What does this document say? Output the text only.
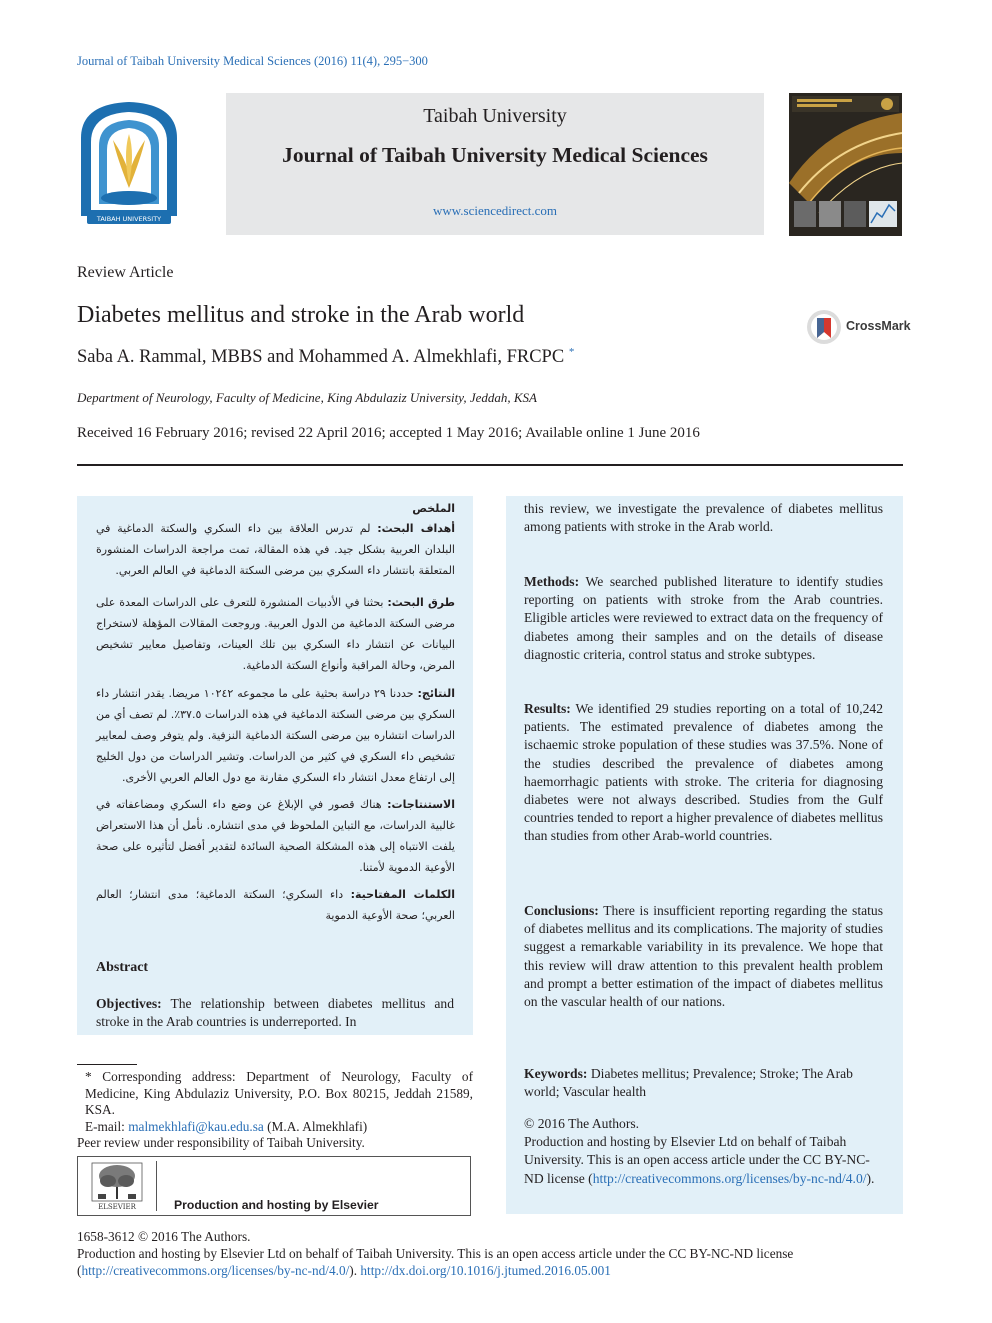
Journal of Taibah University Medical Sciences (2016) 11(4), 295−300
TAIBAH UNIVERSITY
Taibah University
Journal of Taibah University Medical Sciences
www.sciencedirect.com
Review Article
Diabetes mellitus and stroke in the Arab world	CrossMark
Saba A. Rammal, MBBS and Mohammed A. Almekhlafi, FRCPC *
Department of Neurology, Faculty of Medicine, King Abdulaziz University, Jeddah, KSA
Received 16 February 2016; revised 22 April 2016; accepted 1 May 2016; Available online 1 June 2016
الملخص
أهداف البحث: لم تدرس العلاقة بين داء السكري والسكتة الدماغية في البلدان العربية بشكل جيد. في هذه المقالة، تمت مراجعة الدراسات المنشورة المتعلقة بانتشار داء السكري بين مرضى السكتة الدماغية في العالم العربي.
طرق البحث: بحثنا في الأدبيات المنشورة للتعرف على الدراسات المعدة على مرضى السكتة الدماغية من الدول العربية. وروجعت المقالات المؤهلة لاستخراج البيانات عن انتشار داء السكري بين تلك العينات، وتفاصيل معايير تشخيص المرض، وحالة المراقبة وأنواع السكتة الدماغية.
النتائج: حددنا ٢٩ دراسة بحثية على ما مجموعه ١٠٢٤٢ مريضا. يقدر انتشار داء السكري بين مرضى السكتة الدماغية في هذه الدراسات ٣٧.٥٪. لم تصف أي من الدراسات انتشاره بين مرضى السكتة الدماغية النزفية. ولم يتوفر وصف لمعايير تشخيص داء السكري في كثير من الدراسات. وتشير الدراسات من دول الخليج إلى ارتفاع معدل انتشار داء السكري مقارنة مع دول العالم العربي الأخرى.
الاستنتاجات: هناك قصور في الإبلاغ عن وضع داء السكري ومضاعفاته في غالبية الدراسات، مع التباين الملحوظ في مدى انتشاره. نأمل أن هذا الاستعراض يلفت الانتباه إلى هذه المشكلة الصحية السائدة لتقدير أفضل لتأثيره على صحة الأوعية الدموية لأمتنا.
الكلمات المفتاحية: داء السكري؛ السكتة الدماغية؛ مدى انتشار؛ العالم العربي؛ صحة الأوعية الدموية
Abstract
Objectives: The relationship between diabetes mellitus and stroke in the Arab countries is underreported. In
this review, we investigate the prevalence of diabetes mellitus among patients with stroke in the Arab world.
Methods: We searched published literature to identify studies reporting on patients with stroke from the Arab countries. Eligible articles were reviewed to extract data on the frequency of diabetes among their samples and on the details of disease diagnostic criteria, control status and stroke subtypes.
Results: We identified 29 studies reporting on a total of 10,242 patients. The estimated prevalence of diabetes among the ischaemic stroke population of these studies was 37.5%. None of the studies described the prevalence of diabetes among haemorrhagic patients with stroke. The criteria for diagnosing diabetes were not always described. Studies from the Gulf countries tended to report a higher prevalence of diabetes mellitus than studies from other Arab-world countries.
Conclusions: There is insufficient reporting regarding the status of diabetes mellitus and its complications. The majority of studies suggest a remarkable variability in its prevalence. We hope that this review will draw attention to this prevalent health problem and prompt a better estimation of the impact of diabetes mellitus on the vascular health of our nations.
Keywords: Diabetes mellitus; Prevalence; Stroke; The Arab world; Vascular health
© 2016 The Authors.
Production and hosting by Elsevier Ltd on behalf of Taibah University. This is an open access article under the CC BY-NC-ND license (http://creativecommons.org/licenses/by-nc-nd/4.0/).
* Corresponding address: Department of Neurology, Faculty of Medicine, King Abdulaziz University, P.O. Box 80215, Jeddah 21589, KSA.
E-mail: malmekhlafi@kau.edu.sa (M.A. Almekhlafi)
Peer review under responsibility of Taibah University.
ELSEVIER	Production and hosting by Elsevier
1658-3612 © 2016 The Authors.
Production and hosting by Elsevier Ltd on behalf of Taibah University. This is an open access article under the CC BY-NC-ND license
(http://creativecommons.org/licenses/by-nc-nd/4.0/). http://dx.doi.org/10.1016/j.jtumed.2016.05.001
